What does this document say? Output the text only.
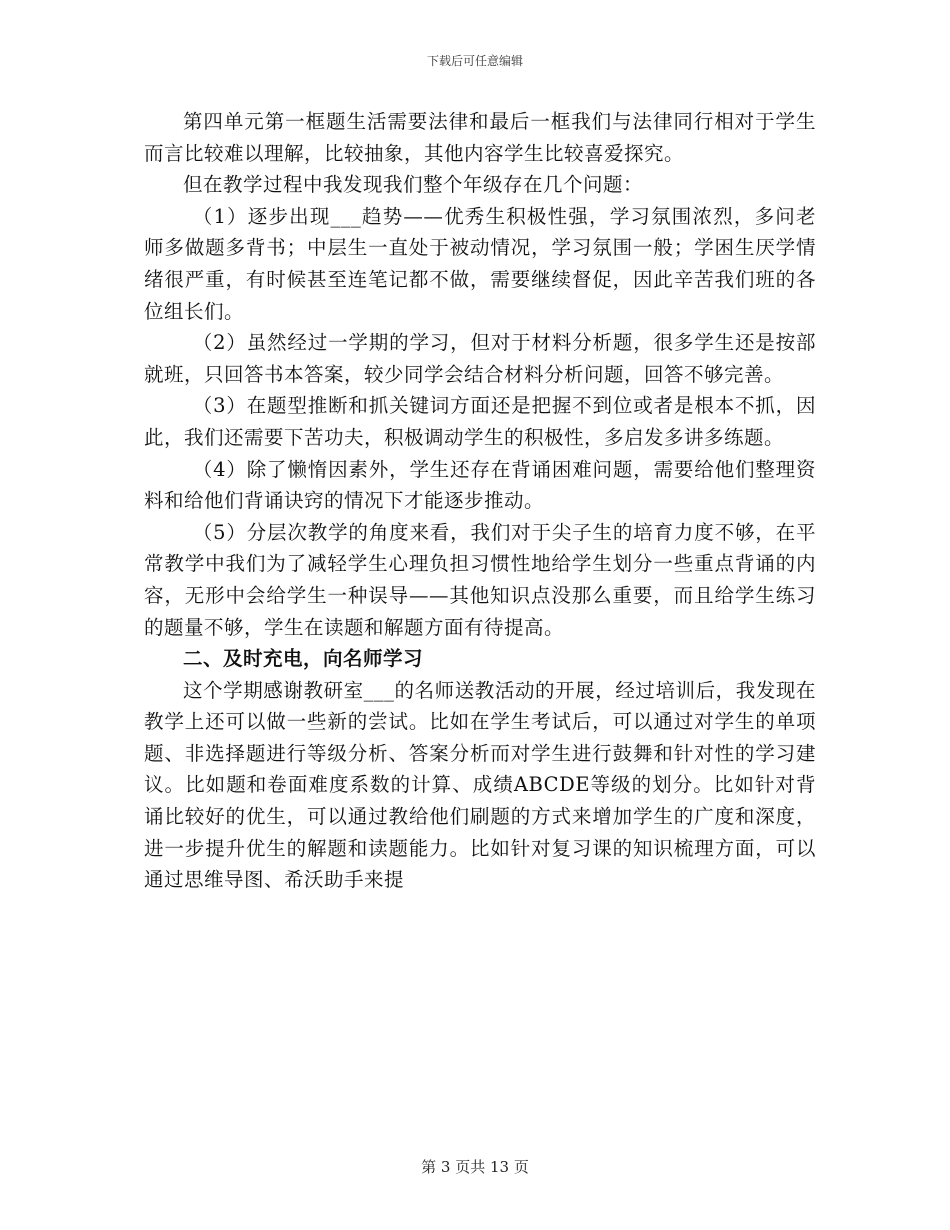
下载后可任意编辑

第四单元第一框题生活需要法律和最后一框我们与法律同行相对于学生而言比较难以理解，比较抽象，其他内容学生比较喜爱探究。

但在教学过程中我发现我们整个年级存在几个问题：

（1）逐步出现___趋势——优秀生积极性强，学习氛围浓烈，多问老师多做题多背书；中层生一直处于被动情况，学习氛围一般；学困生厌学情绪很严重，有时候甚至连笔记都不做，需要继续督促，因此辛苦我们班的各位组长们。

（2）虽然经过一学期的学习，但对于材料分析题，很多学生还是按部就班，只回答书本答案，较少同学会结合材料分析问题，回答不够完善。

（3）在题型推断和抓关键词方面还是把握不到位或者是根本不抓，因此，我们还需要下苦功夫，积极调动学生的积极性，多启发多讲多练题。

（4）除了懒惰因素外，学生还存在背诵困难问题，需要给他们整理资料和给他们背诵诀窍的情况下才能逐步推动。

（5）分层次教学的角度来看，我们对于尖子生的培育力度不够，在平常教学中我们为了减轻学生心理负担习惯性地给学生划分一些重点背诵的内容，无形中会给学生一种误导——其他知识点没那么重要，而且给学生练习的题量不够，学生在读题和解题方面有待提高。

二、及时充电，向名师学习

这个学期感谢教研室___的名师送教活动的开展，经过培训后，我发现在教学上还可以做一些新的尝试。比如在学生考试后，可以通过对学生的单项题、非选择题进行等级分析、答案分析而对学生进行鼓舞和针对性的学习建议。比如题和卷面难度系数的计算、成绩ABCDE等级的划分。比如针对背诵比较好的优生，可以通过教给他们刷题的方式来增加学生的广度和深度，进一步提升优生的解题和读题能力。比如针对复习课的知识梳理方面，可以通过思维导图、希沃助手来提

第 3 页共 13 页
